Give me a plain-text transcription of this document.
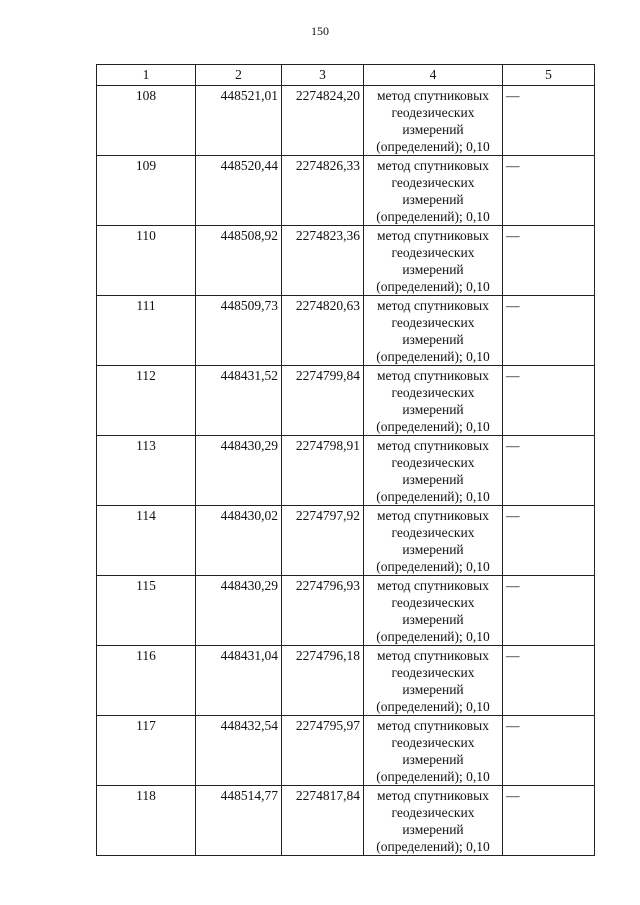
150
1	2	3	4	5
108	448521,01	2274824,20	метод спутниковых
геодезических
измерений
(определений); 0,10	—
109	448520,44	2274826,33	метод спутниковых
геодезических
измерений
(определений); 0,10	—
110	448508,92	2274823,36	метод спутниковых
геодезических
измерений
(определений); 0,10	—
111	448509,73	2274820,63	метод спутниковых
геодезических
измерений
(определений); 0,10	—
112	448431,52	2274799,84	метод спутниковых
геодезических
измерений
(определений); 0,10	—
113	448430,29	2274798,91	метод спутниковых
геодезических
измерений
(определений); 0,10	—
114	448430,02	2274797,92	метод спутниковых
геодезических
измерений
(определений); 0,10	—
115	448430,29	2274796,93	метод спутниковых
геодезических
измерений
(определений); 0,10	—
116	448431,04	2274796,18	метод спутниковых
геодезических
измерений
(определений); 0,10	—
117	448432,54	2274795,97	метод спутниковых
геодезических
измерений
(определений); 0,10	—
118	448514,77	2274817,84	метод спутниковых
геодезических
измерений
(определений); 0,10	—
